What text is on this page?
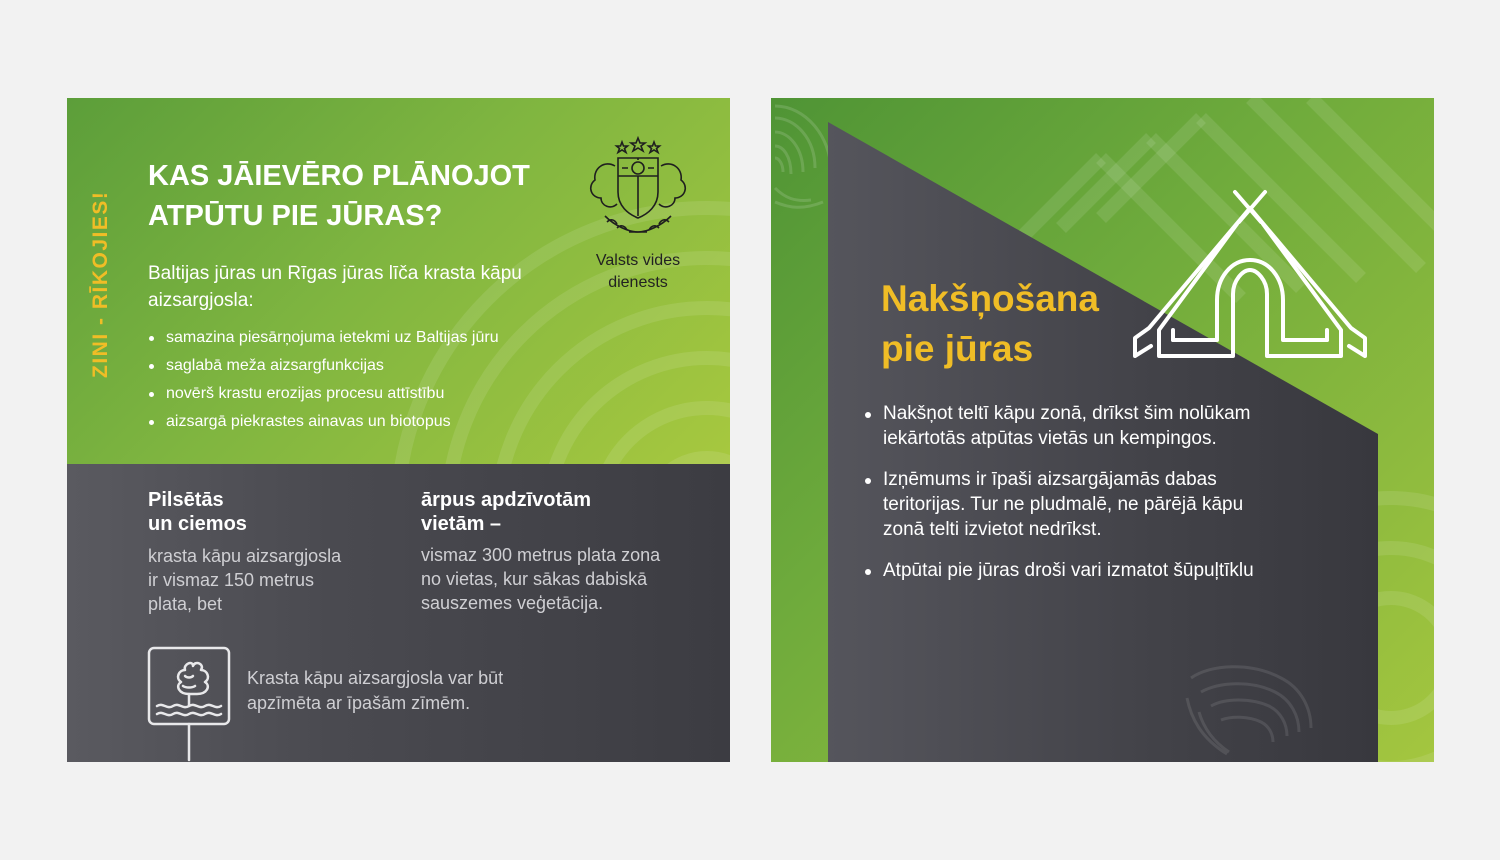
ZINI - RĪKOJIES!
KAS JĀIEVĒRO PLĀNOJOT
ATPŪTU PIE JŪRAS?
Baltijas jūras un Rīgas jūras līča krasta kāpu aizsargjosla:
samazina piesārņojuma ietekmi uz Baltijas jūru
saglabā meža aizsargfunkcijas
novērš krastu erozijas procesu attīstību
aizsargā piekrastes ainavas un biotopus
Valsts vides
dienests
Pilsētās
un ciemos
krasta kāpu aizsargjosla
ir vismaz 150 metrus
plata, bet
ārpus apdzīvotām
vietām –
vismaz 300 metrus plata zona
no vietas, kur sākas dabiskā
sauszemes veģetācija.
Krasta kāpu aizsargjosla var būt
apzīmēta ar īpašām zīmēm.
Nakšņošana
pie jūras
Nakšņot teltī kāpu zonā, drīkst šim nolūkam
iekārtotās atpūtas vietās un kempingos.
Izņēmums ir īpaši aizsargājamās dabas
teritorijas. Tur ne pludmalē, ne pārējā kāpu
zonā telti izvietot nedrīkst.
Atpūtai pie jūras droši vari izmatot šūpuļtīklu
